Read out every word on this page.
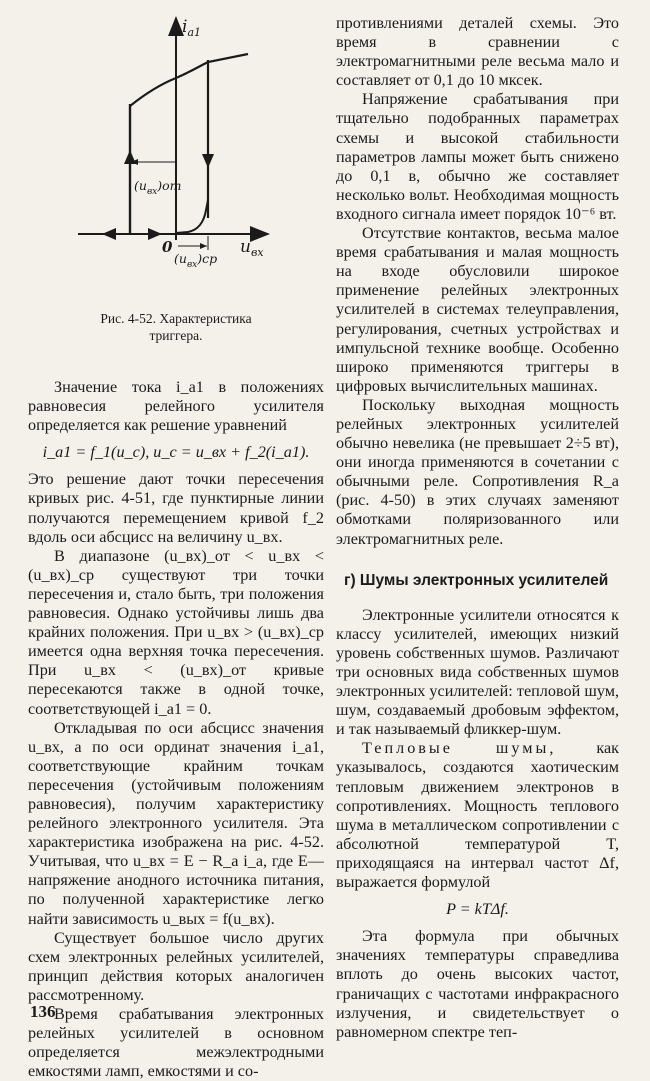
$(u_{вх})от$
$(u_{вх})ср$
$i_{a1}$
$u_{вх}$
0

Рис. 4-52. Характеристика
триггера.

Значение тока i_a1 в положениях равновесия релейного усилителя определяется как решение уравнений

i_a1 = f_1(u_c), u_c = u_вх + f_2(i_a1).

Это решение дают точки пересечения кривых рис. 4-51, где пунктирные линии получаются перемещением кривой f_2 вдоль оси абсцисс на величину u_вх.

В диапазоне (u_вх)_от < u_вх < (u_вх)_ср существуют три точки пересечения и, стало быть, три положения равновесия. Однако устойчивы лишь два крайних положения. При u_вх > (u_вх)_ср имеется одна верхняя точка пересечения. При u_вх < (u_вх)_от кривые пересекаются также в одной точке, соответствующей i_a1 = 0.

Откладывая по оси абсцисс значения u_вх, а по оси ординат значения i_a1, соответствующие крайним точкам пересечения (устойчивым положениям равновесия), получим характеристику релейного электронного усилителя. Эта характеристика изображена на рис. 4-52. Учитывая, что u_вх = E − R_a i_a, где E—напряжение анодного источника питания, по полученной характеристике легко найти зависимость u_вых = f(u_вх).

Существует большое число других схем электронных релейных усилителей, принцип действия которых аналогичен рассмотренному.

Время срабатывания электронных релейных усилителей в основном определяется межэлектродными емкостями ламп, емкостями и со-

противлениями деталей схемы. Это время в сравнении с электромагнитными реле весьма мало и составляет от 0,1 до 10 мксек.

Напряжение срабатывания при тщательно подобранных параметрах схемы и высокой стабильности параметров лампы может быть снижено до 0,1 в, обычно же составляет несколько вольт. Необходимая мощность входного сигнала имеет порядок 10⁻⁶ вт.

Отсутствие контактов, весьма малое время срабатывания и малая мощность на входе обусловили широкое применение релейных электронных усилителей в системах телеуправления, регулирования, счетных устройствах и импульсной технике вообще. Особенно широко применяются триггеры в цифровых вычислительных машинах.

Поскольку выходная мощность релейных электронных усилителей обычно невелика (не превышает 2÷5 вт), они иногда применяются в сочетании с обычными реле. Сопротивления R_a (рис. 4-50) в этих случаях заменяют обмотками поляризованного или электромагнитных реле.

г) Шумы электронных усилителей

Электронные усилители относятся к классу усилителей, имеющих низкий уровень собственных шумов. Различают три основных вида собственных шумов электронных усилителей: тепловой шум, шум, создаваемый дробовым эффектом, и так называемый фликкер-шум.

Тепловые шумы, как указывалось, создаются хаотическим тепловым движением электронов в сопротивлениях. Мощность теплового шума в металлическом сопротивлении с абсолютной температурой T, приходящаяся на интервал частот Δf, выражается формулой

P = kTΔf.

Эта формула при обычных значениях температуры справедлива вплоть до очень высоких частот, граничащих с частотами инфракрасного излучения, и свидетельствует о равномерном спектре теп-

136
